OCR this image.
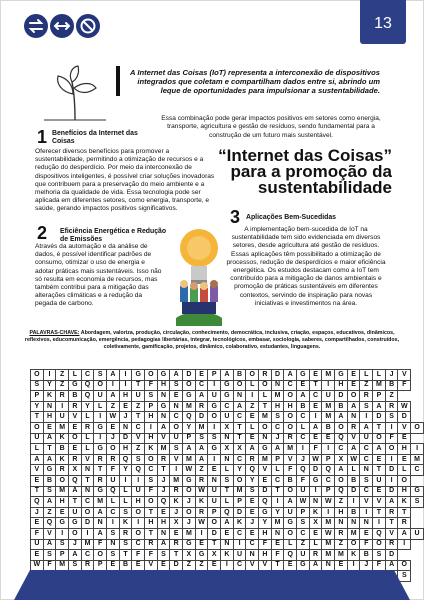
13
A Internet das Coisas (IoT) representa a interconexão de dispositivos integrados que coletam e compartilham dados entre si, abrindo um leque de oportunidades para impulsionar a sustentabilidade.
Essa combinação pode gerar impactos positivos em setores como energia, transporte, agricultura e gestão de resíduos, sendo fundamental para a construção de um futuro mais sustentável.
1 Benefícios da Internet das Coisas
Oferecer diversos benefícios para promover a sustentabilidade, permitindo a otimização de recursos e a redução do desperdício. Por meio da interconexão de dispositivos inteligentes, é possível criar soluções inovadoras que contribuem para a preservação do meio ambiente e a melhoria da qualidade de vida. Essa tecnologia pode ser aplicada em diferentes setores, como energia, transporte, e saúde, gerando impactos positivos significativos.
“Internet das Coisas” para a promoção da sustentabilidade
2 Eficiência Energética e Redução de Emissões
Através da automação e da análise de dados, é possível identificar padrões de consumo, otimizar o uso de energia e adotar práticas mais sustentáveis. Isso não só resulta em economia de recursos, mas também contribui para a mitigação das alterações climáticas e a redução da pegada de carbono.
3 Aplicações Bem-Sucedidas
A implementação bem-sucedida de IoT na sustentabilidade tem sido evidenciada em diversos setores, desde agricultura até gestão de resíduos. Essas aplicações têm possibilitado a otimização de processos, redução de desperdícios e maior eficiência energética. Os estudos destacam como a IoT tem contribuído para a mitigação de danos ambientais e promoção de práticas sustentáveis em diferentes contextos, servindo de inspiração para novas iniciativas e investimentos na área.
PALAVRAS-CHAVE: Abordagem, valoriza, produção, circulação, conhecimento, democrática, inclusiva, criação, espaços, educativos, dinâmicos, reflexivos, educomunicação, emergência, pedagogias libertárias, integrar, tecnológicos, embasar, sociologia, saberes, compartilhados, construídos, coletivamente, gamificação, projetos, dinâmico, colaborativo, estudantes, linguagens.
O	I	Z	L	C	S	A	I	G	O	G	A	D	E	P	A	B	O	R	D	A	G	E	M	G	E	L	L	J	V	
S	Y	Z	G	Q	O	I	I	T	F	H	S	O	C	I	G	O	L	O	N	C	E	T	I	H	E	Z	M	B	F	
P	K	R	B	Q	U	A	H	U	S	N	E	G	A	U	G	N	I	L	M	O	A	C	U	D	O	R	P	Z		
Y	N	I	R	Y	L	Z	E	Z	P	G	N	M	R	G	C	A	Z	T	H	H	B	E	M	B	A	S	A	R	W	
T	H	U	V	L	I	W	J	T	H	N	C	Q	D	O	U	C	E	M	S	O	C	I	M	A	N	I	D	S	D	
O	E	M	E	R	G	E	N	C	I	A	O	Y	M	I	X	T	L	O	C	O	L	A	B	O	R	A	T	I	V	O
U	A	K	O	L	I	J	D	V	H	V	U	P	S	S	N	T	E	N	J	R	C	E	E	Q	V	U	O	F	E	
L	T	B	E	L	G	O	H	Z	K	M	S	A	A	G	X	X	A	G	A	M	I	F	I	C	A	C	A	O	H	I
A	A	K	R	V	R	R	Q	S	O	R	V	M	A	I	N	C	R	M	P	V	J	W	P	X	W	C	E	I	E	M
V	G	R	X	N	T	F	Y	Q	C	T	I	W	Z	E	L	Y	Q	V	L	F	Q	D	Q	A	L	N	T	D	L	C
E	B	O	Q	T	R	U	I	I	S	J	M	G	R	N	S	O	Y	E	C	B	F	G	C	O	B	S	U	I	O	
T	S	M	A	N	G	Q	L	U	F	J	R	O	W	U	T	M	S	D	T	O	U	I	P	Q	D	C	E	D	H	G
Q	A	H	T	C	M	L	L	H	O	Q	K	J	K	U	L	P	E	Q	I	A	W	N	W	Z	I	V	V	A	K	S
J	Z	E	U	O	A	C	S	O	T	E	J	O	R	P	Q	D	E	G	Y	U	P	K	I	H	B	I	T	R	T	
E	Q	G	G	D	N	I	K	I	H	H	X	J	W	O	A	K	J	Y	M	G	S	X	M	N	N	N	I	T	R	
F	V	I	O	I	A	S	R	O	T	N	E	M	I	D	E	C	E	H	N	O	C	E	W	R	M	E	Q	V	A	U
U	A	S	J	M	F	N	S	C	R	A	R	G	E	T	N	I	C	F	E	L	Z	L	M	Z	O	F	O	R	I	
E	S	P	A	C	O	S	T	F	F	S	T	X	G	X	K	U	N	H	F	Q	U	R	M	M	K	B	S	D		
W	F	M	S	R	P	E	B	E	V	E	D	Z	Z	E	I	C	V	V	T	E	G	A	N	E	I	J	F	A	O	
																													S	
